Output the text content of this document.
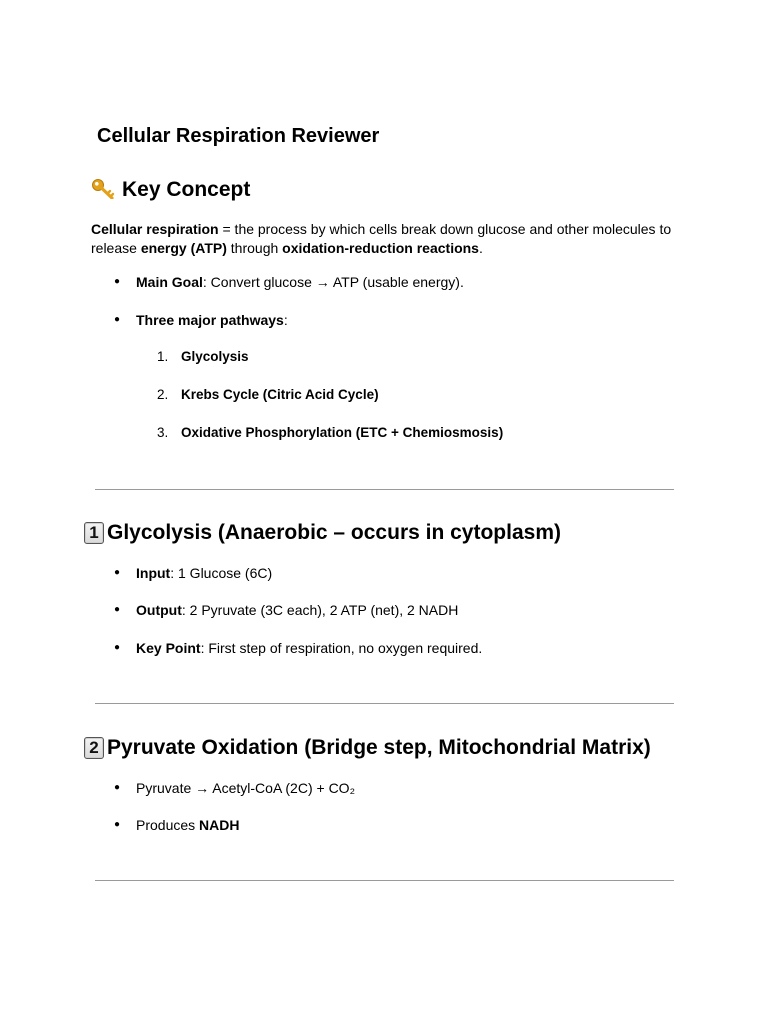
Cellular Respiration Reviewer
Key Concept

Cellular respiration = the process by which cells break down glucose and other molecules to release energy (ATP) through oxidation-reduction reactions.

● Main Goal: Convert glucose → ATP (usable energy).
● Three major pathways:
1. Glycolysis
2. Krebs Cycle (Citric Acid Cycle)
3. Oxidative Phosphorylation (ETC + Chemiosmosis)
1 Glycolysis (Anaerobic – occurs in cytoplasm)
● Input: 1 Glucose (6C)
● Output: 2 Pyruvate (3C each), 2 ATP (net), 2 NADH
● Key Point: First step of respiration, no oxygen required.
2 Pyruvate Oxidation (Bridge step, Mitochondrial Matrix)
● Pyruvate → Acetyl-CoA (2C) + CO₂
● Produces NADH
